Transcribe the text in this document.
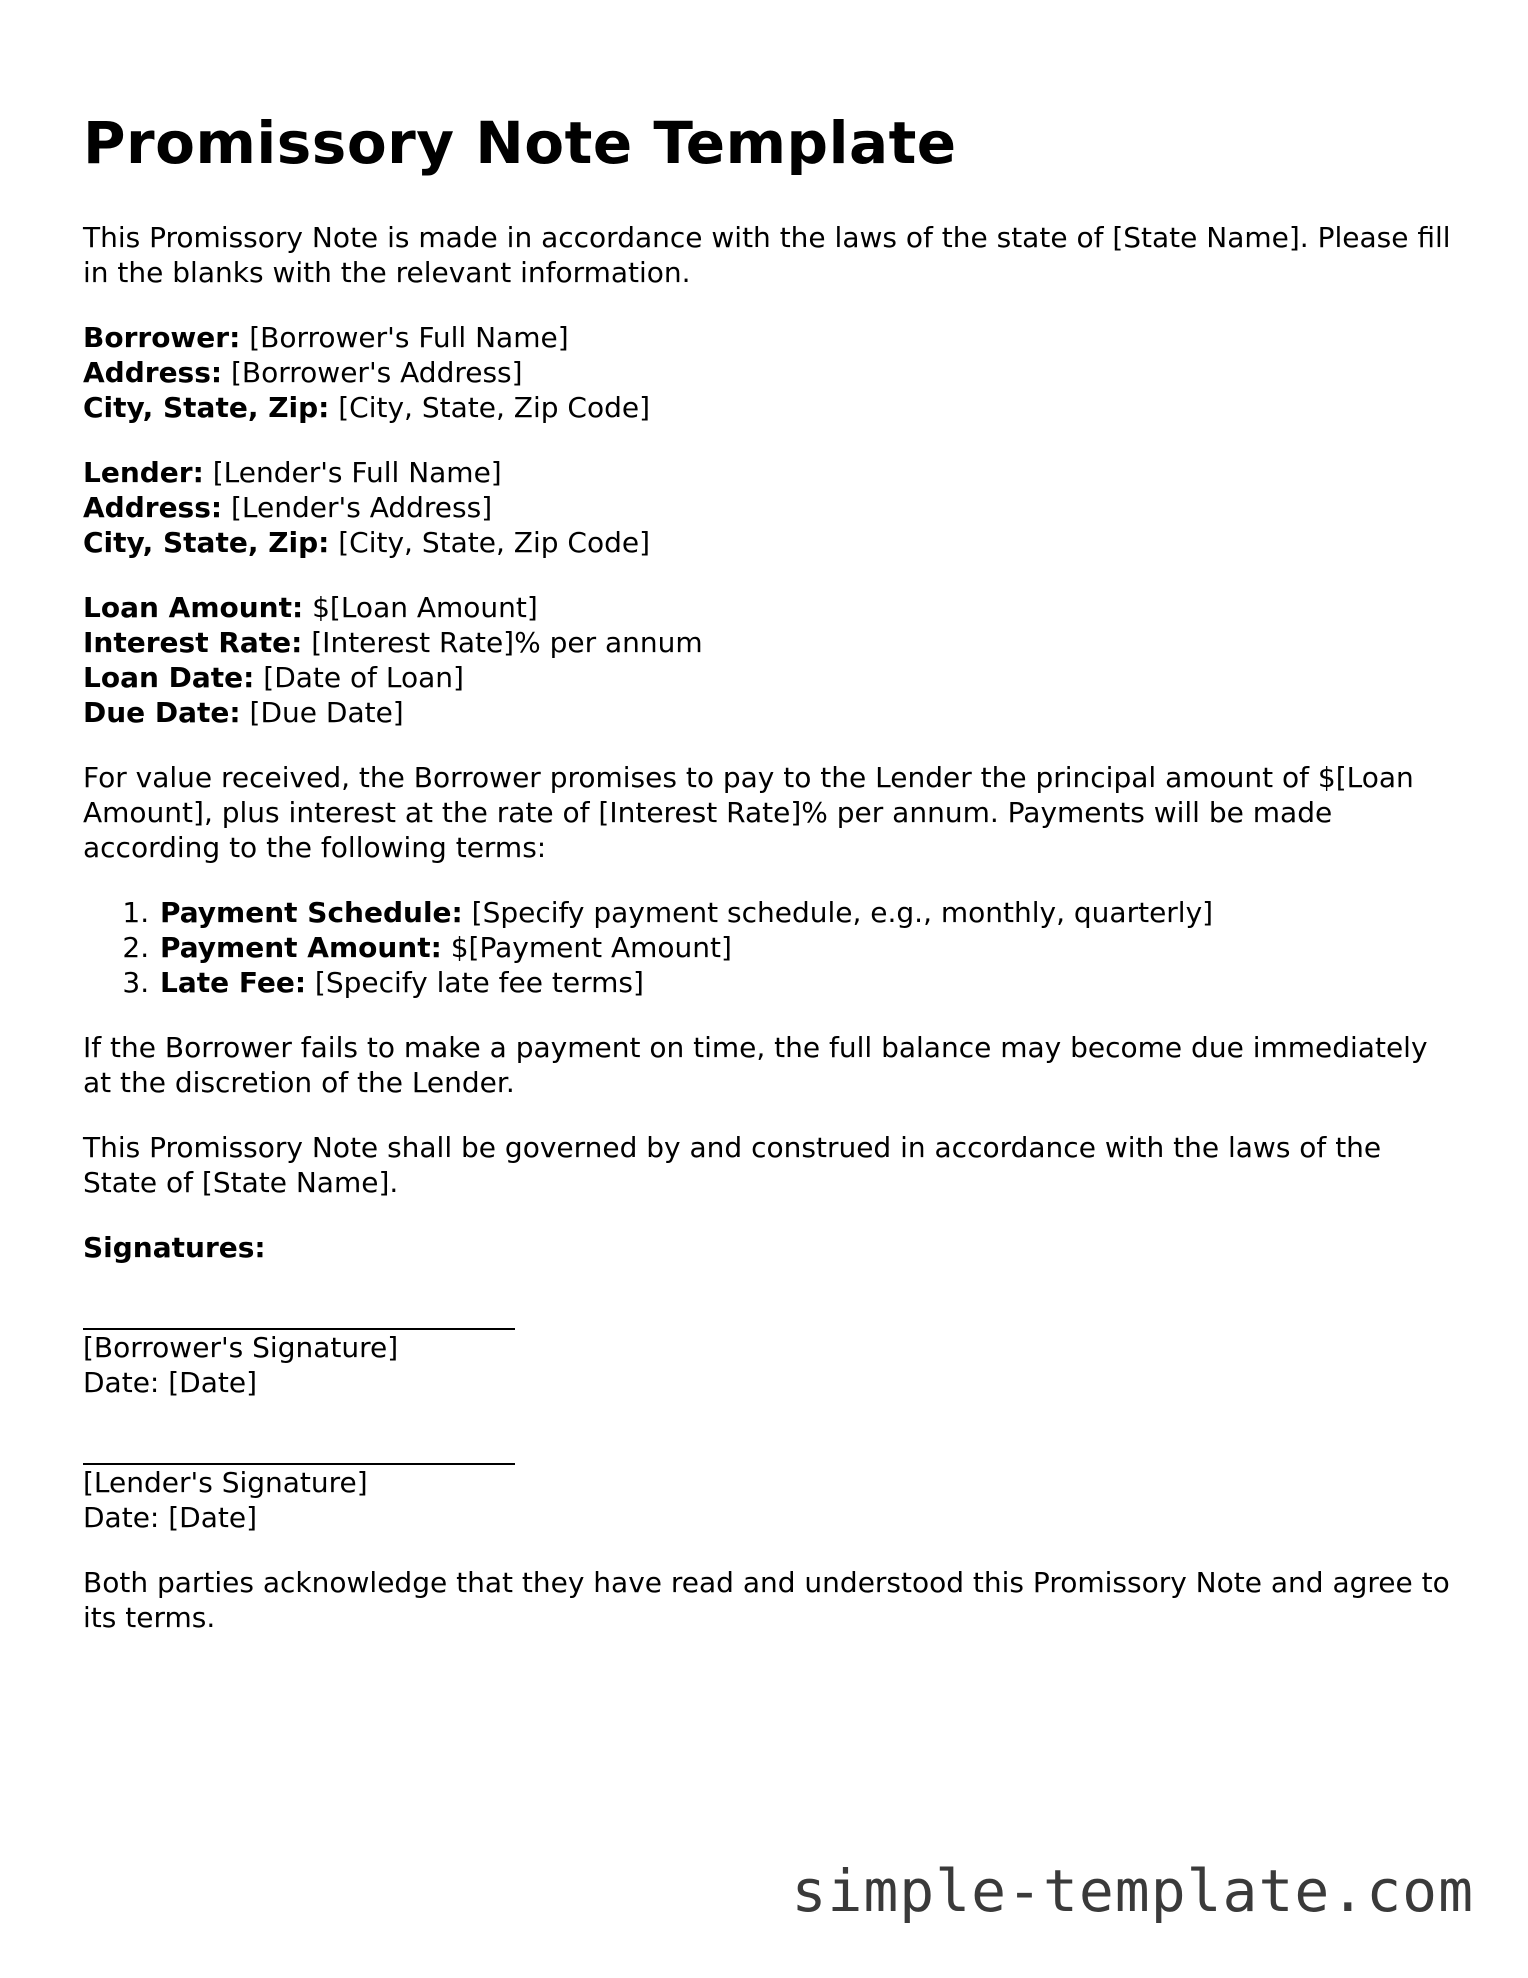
Promissory Note Template

This Promissory Note is made in accordance with the laws of the state of [State Name]. Please fill in the blanks with the relevant information.

Borrower: [Borrower's Full Name]
Address: [Borrower's Address]
City, State, Zip: [City, State, Zip Code]
Lender: [Lender's Full Name]
Address: [Lender's Address]
City, State, Zip: [City, State, Zip Code]
Loan Amount: $[Loan Amount]
Interest Rate: [Interest Rate]% per annum
Loan Date: [Date of Loan]
Due Date: [Due Date]

For value received, the Borrower promises to pay to the Lender the principal amount of $[Loan Amount], plus interest at the rate of [Interest Rate]% per annum. Payments will be made according to the following terms:

1. Payment Schedule: [Specify payment schedule, e.g., monthly, quarterly]
2. Payment Amount: $[Payment Amount]
3. Late Fee: [Specify late fee terms]

If the Borrower fails to make a payment on time, the full balance may become due immediately at the discretion of the Lender.

This Promissory Note shall be governed by and construed in accordance with the laws of the State of [State Name].

Signatures:

[Borrower's Signature]
Date: [Date]
[Lender's Signature]
Date: [Date]

Both parties acknowledge that they have read and understood this Promissory Note and agree to its terms.

simple-template.com
